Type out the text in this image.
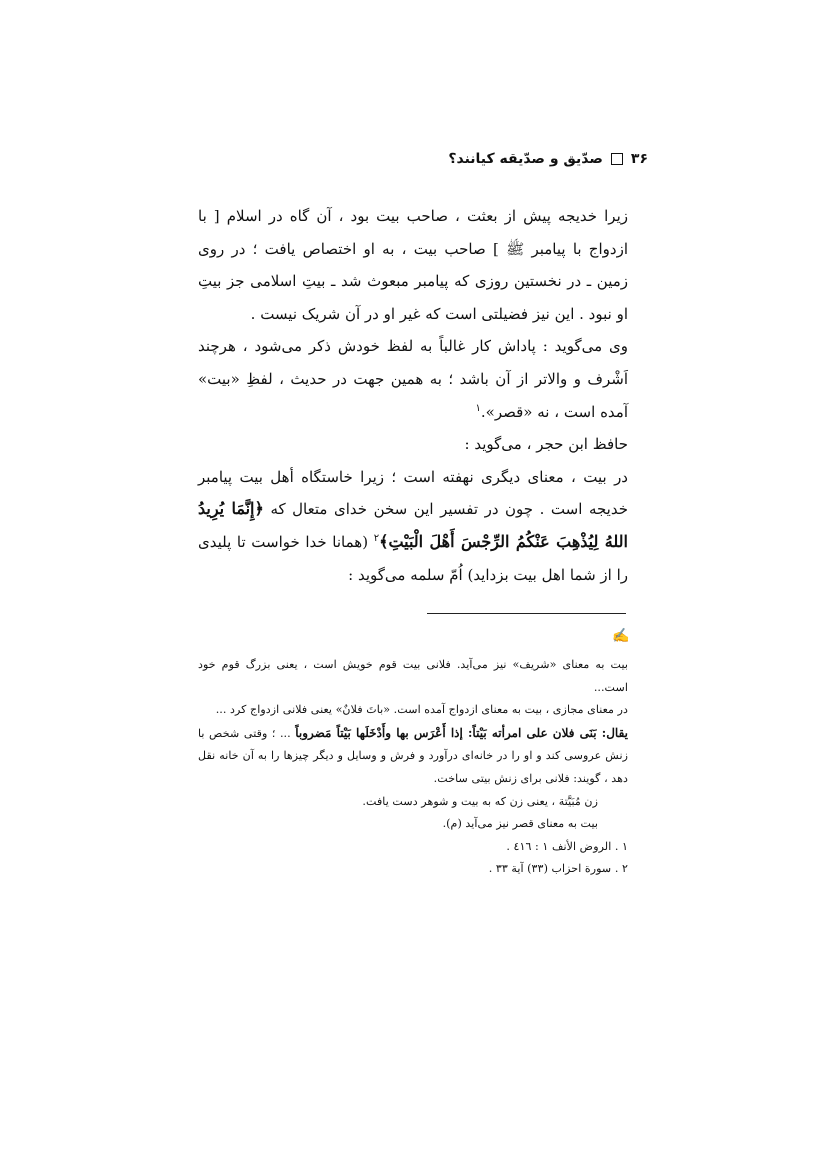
۳۶
صدّیق و صدّیقه کیانند؟

زیرا خدیجه پیش از بعثت ، صاحب بیت بود ، آن گاه در اسلام [ با ازدواج با پیامبر ﷺ ] صاحب بیت ، به او اختصاص یافت ؛ در روی زمین ـ در نخستین روزی که پیامبر مبعوث شد ـ بیتِ اسلامی جز بیتِ او نبود . این نیز فضیلتی است که غیر او در آن شریک نیست .

وی می‌گوید : پاداش کار غالباً به لفظ خودش ذکر می‌شود ، هرچند اَشْرف و والاتر از آن باشد ؛ به همین جهت در حدیث ، لفظِ «بیت» آمده است ، نه «قصر».$^۱$

حافظ ابن حجر ، می‌گوید :

در بیت ، معنای دیگری نهفته است ؛ زیرا خاستگاه أهل بیت پیامبر خدیجه است . چون در تفسیر این سخن خدای متعال که ﴿إِنَّمَا يُرِيدُ اللهُ لِيُذْهِبَ عَنْكُمُ الرِّجْسَ أَهْلَ الْبَيْتِ﴾$^۲$ (همانا خدا خواست تا پلیدی را از شما اهل بیت بزداید) اُمّ سلمه می‌گوید :

✍

بیت به معنای «شریف» نیز می‌آید. فلانی بیت قوم خویش است ، یعنی بزرگ قوم خود است...

در معنای مجازی ، بیت به معنای ازدواج آمده است. «باتَ فلانٌ» یعنی فلانی ازدواج کرد ...

يقال: بَنَى فلان على امرأته بَيْتاً: إذا أَعْرَس بها وأَدْخَلَها بَيْتاً مَضروباً ... ؛ وقتی شخص با زنش عروسی کند و او را در خانه‌ای درآورد و فرش و وسایل و دیگر چیزها را به آن خانه نقل دهد ، گویند: فلانی برای زنش بیتی ساخت.

زن مُبَیَّتة ، یعنی زن که به بیت و شوهر دست یافت.

بیت به معنای قصر نیز می‌آید (م).

۱ . الروض الأنف ۱ : ٤١٦ .

۲ . سورة احزاب (۳۳) آیة ۳۳ .
